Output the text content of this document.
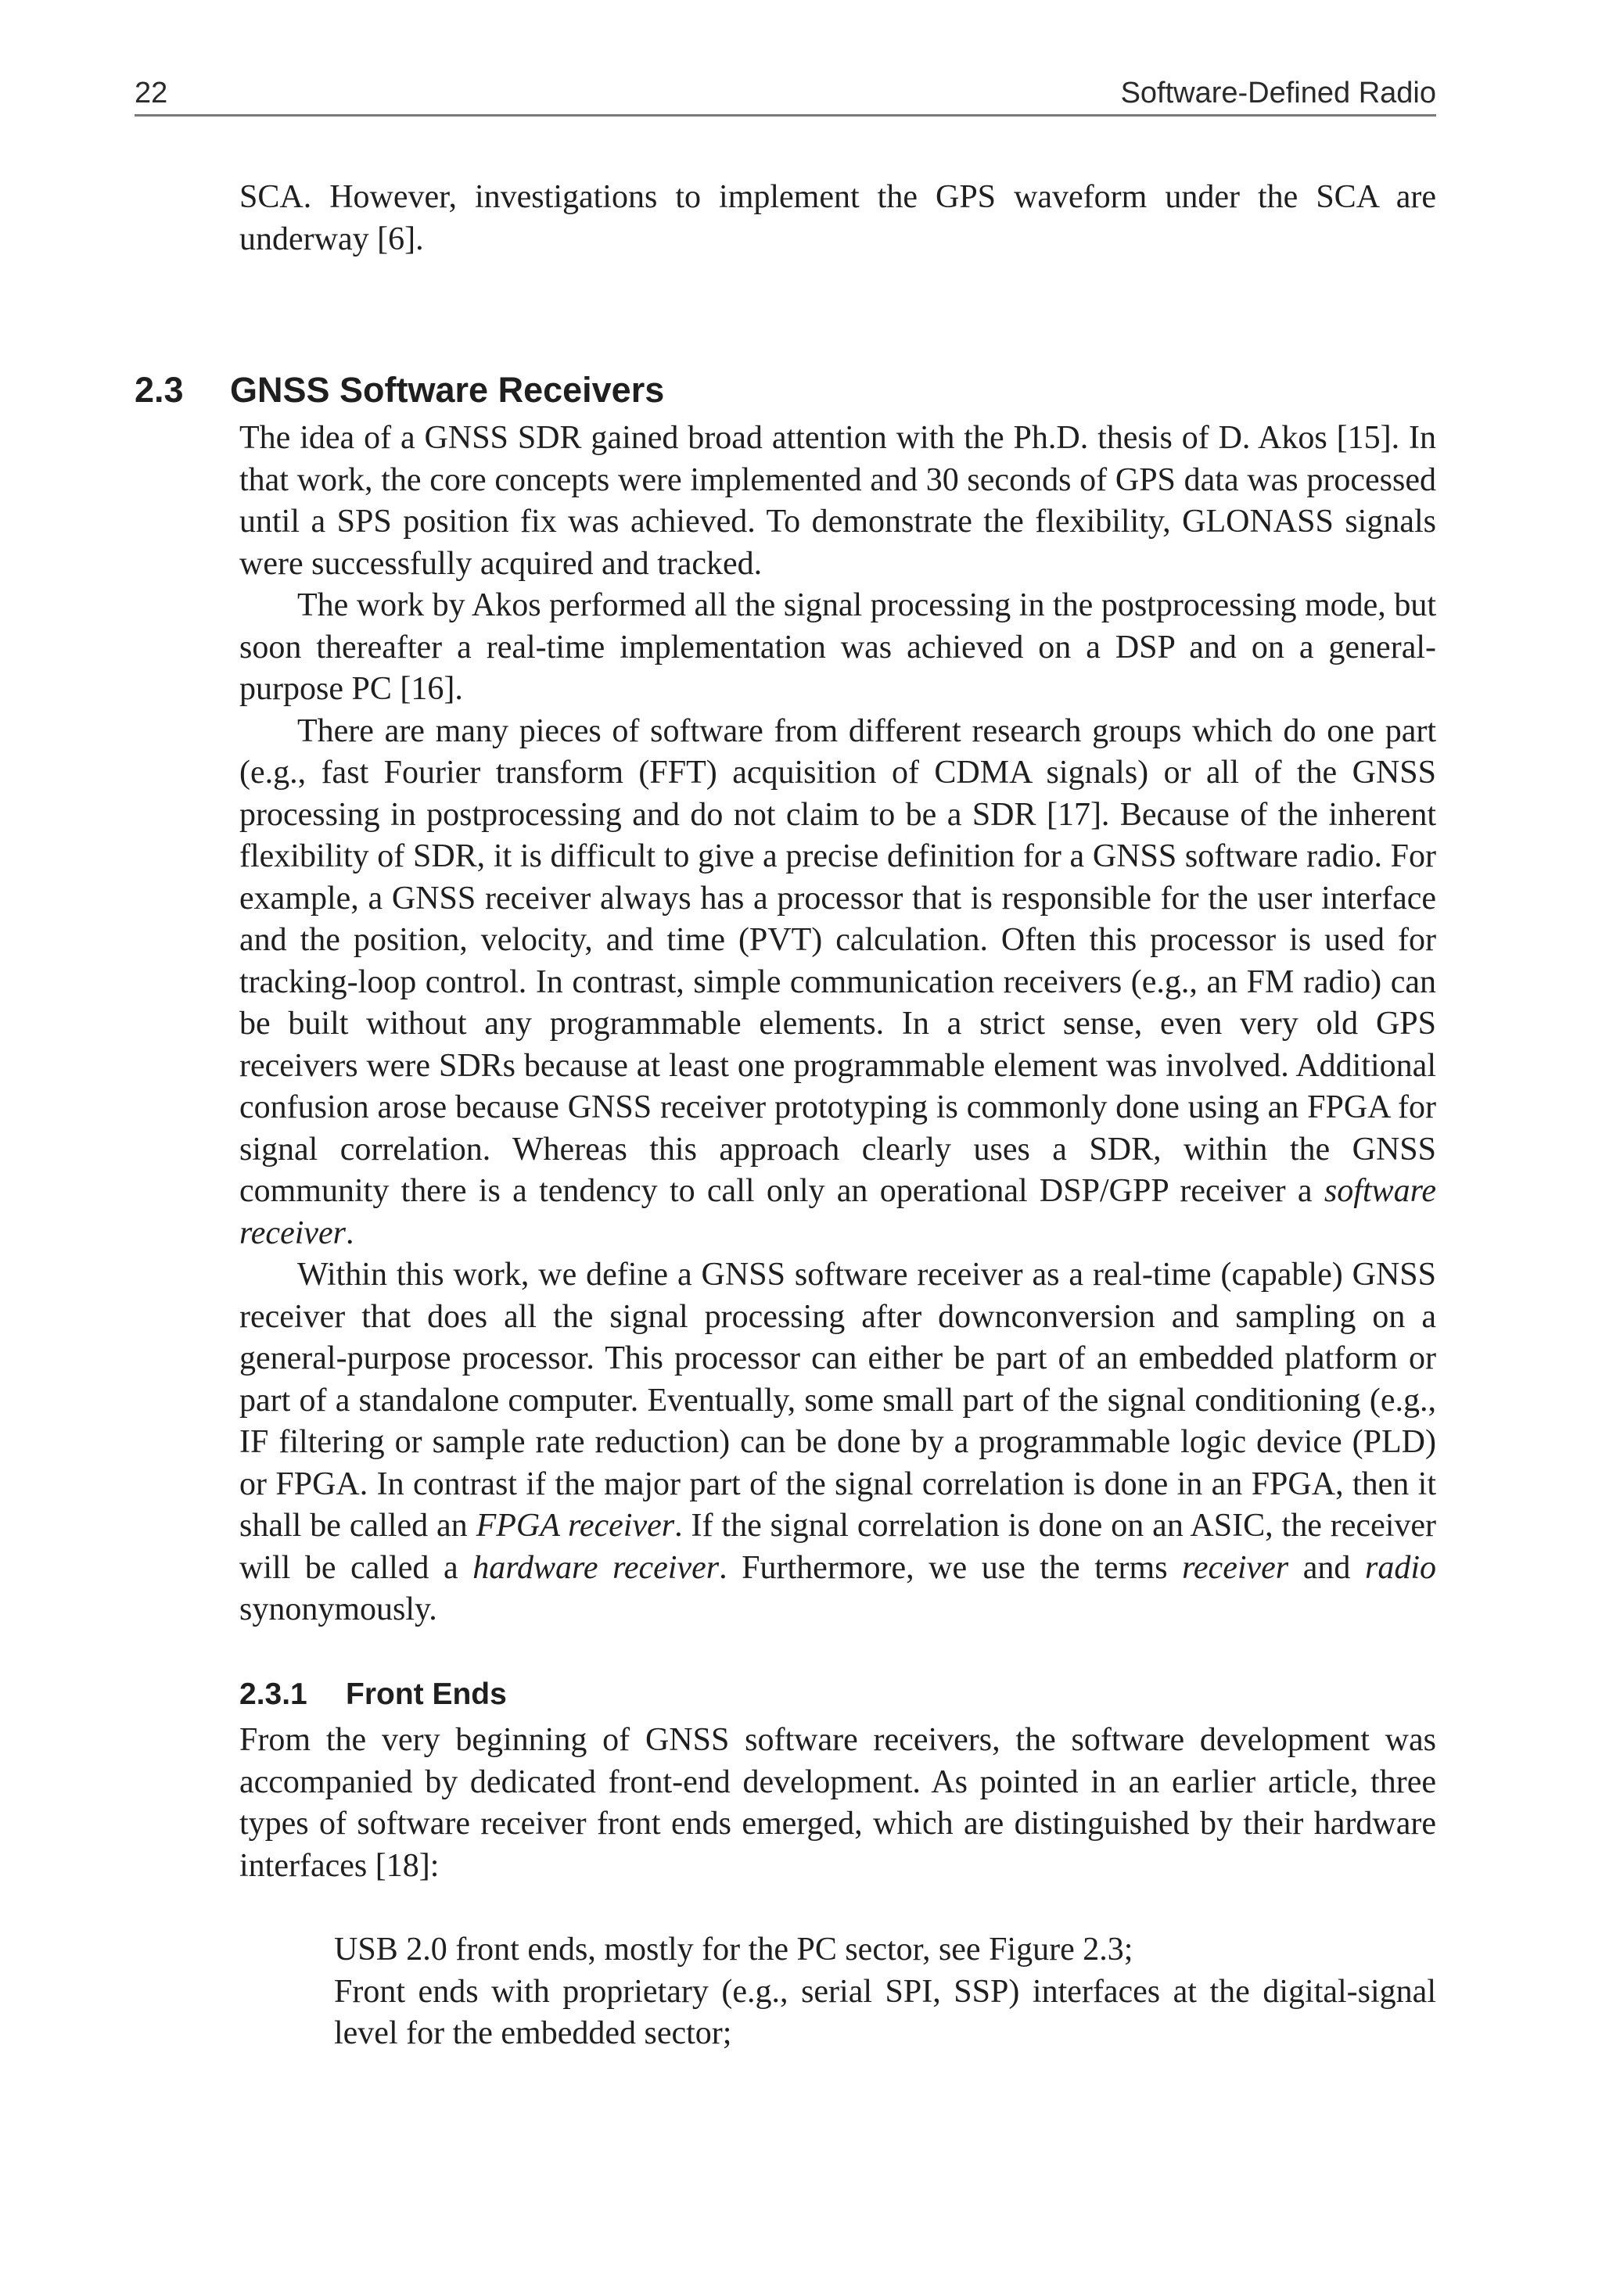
22	Software-Defined Radio
2.3 GNSS Software Receivers

SCA. However, investigations to implement the GPS waveform under the SCA are underway [6].

The idea of a GNSS SDR gained broad attention with the Ph.D. thesis of D. Akos [15]. In that work, the core concepts were implemented and 30 seconds of GPS data was processed until a SPS position fix was achieved. To demonstrate the flexibility, GLONASS signals were successfully acquired and tracked.

The work by Akos performed all the signal processing in the postprocessing mode, but soon thereafter a real-time implementation was achieved on a DSP and on a general-purpose PC [16].

There are many pieces of software from different research groups which do one part (e.g., fast Fourier transform (FFT) acquisition of CDMA signals) or all of the GNSS processing in postprocessing and do not claim to be a SDR [17]. Because of the inherent flexibility of SDR, it is difficult to give a precise definition for a GNSS software radio. For example, a GNSS receiver always has a processor that is responsible for the user interface and the position, velocity, and time (PVT) calculation. Often this processor is used for tracking-loop control. In contrast, simple communication receivers (e.g., an FM radio) can be built without any programmable elements. In a strict sense, even very old GPS receivers were SDRs because at least one programmable element was involved. Additional confusion arose because GNSS receiver prototyping is commonly done using an FPGA for signal correlation. Whereas this approach clearly uses a SDR, within the GNSS community there is a tendency to call only an operational DSP/GPP receiver a software receiver.

Within this work, we define a GNSS software receiver as a real-time (capable) GNSS receiver that does all the signal processing after downconversion and sampling on a general-purpose processor. This processor can either be part of an embedded platform or part of a standalone computer. Eventually, some small part of the signal conditioning (e.g., IF filtering or sample rate reduction) can be done by a programmable logic device (PLD) or FPGA. In contrast if the major part of the signal correlation is done in an FPGA, then it shall be called an FPGA receiver. If the signal correlation is done on an ASIC, the receiver will be called a hardware receiver. Furthermore, we use the terms receiver and radio synonymously.

2.3.1 Front Ends

From the very beginning of GNSS software receivers, the software development was accompanied by dedicated front-end development. As pointed in an earlier article, three types of software receiver front ends emerged, which are distinguished by their hardware interfaces [18]:

USB 2.0 front ends, mostly for the PC sector, see Figure 2.3;
Front ends with proprietary (e.g., serial SPI, SSP) interfaces at the digital-signal level for the embedded sector;
